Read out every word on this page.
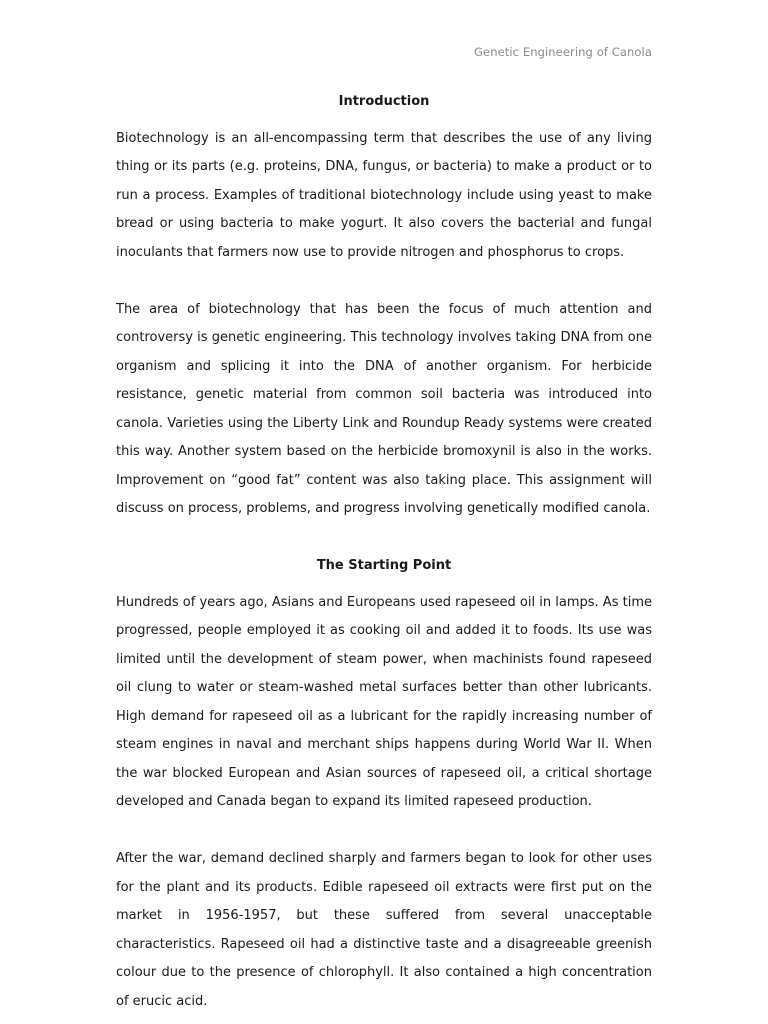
Genetic Engineering of Canola
Introduction

Biotechnology is an all-encompassing term that describes the use of any living thing or its parts (e.g. proteins, DNA, fungus, or bacteria) to make a product or to run a process. Examples of traditional biotechnology include using yeast to make bread or using bacteria to make yogurt. It also covers the bacterial and fungal inoculants that farmers now use to provide nitrogen and phosphorus to crops.

The area of biotechnology that has been the focus of much attention and controversy is genetic engineering. This technology involves taking DNA from one organism and splicing it into the DNA of another organism. For herbicide resistance, genetic material from common soil bacteria was introduced into canola. Varieties using the Liberty Link and Roundup Ready systems were created this way. Another system based on the herbicide bromoxynil is also in the works. Improvement on “good fat” content was also taking place. This assignment will discuss on process, problems, and progress involving genetically modified canola.

The Starting Point

Hundreds of years ago, Asians and Europeans used rapeseed oil in lamps. As time progressed, people employed it as cooking oil and added it to foods. Its use was limited until the development of steam power, when machinists found rapeseed oil clung to water or steam-washed metal surfaces better than other lubricants. High demand for rapeseed oil as a lubricant for the rapidly increasing number of steam engines in naval and merchant ships happens during World War II. When the war blocked European and Asian sources of rapeseed oil, a critical shortage developed and Canada began to expand its limited rapeseed production.

After the war, demand declined sharply and farmers began to look for other uses for the plant and its products. Edible rapeseed oil extracts were first put on the market in 1956-1957, but these suffered from several unacceptable characteristics. Rapeseed oil had a distinctive taste and a disagreeable greenish colour due to the presence of chlorophyll. It also contained a high concentration of erucic acid.
